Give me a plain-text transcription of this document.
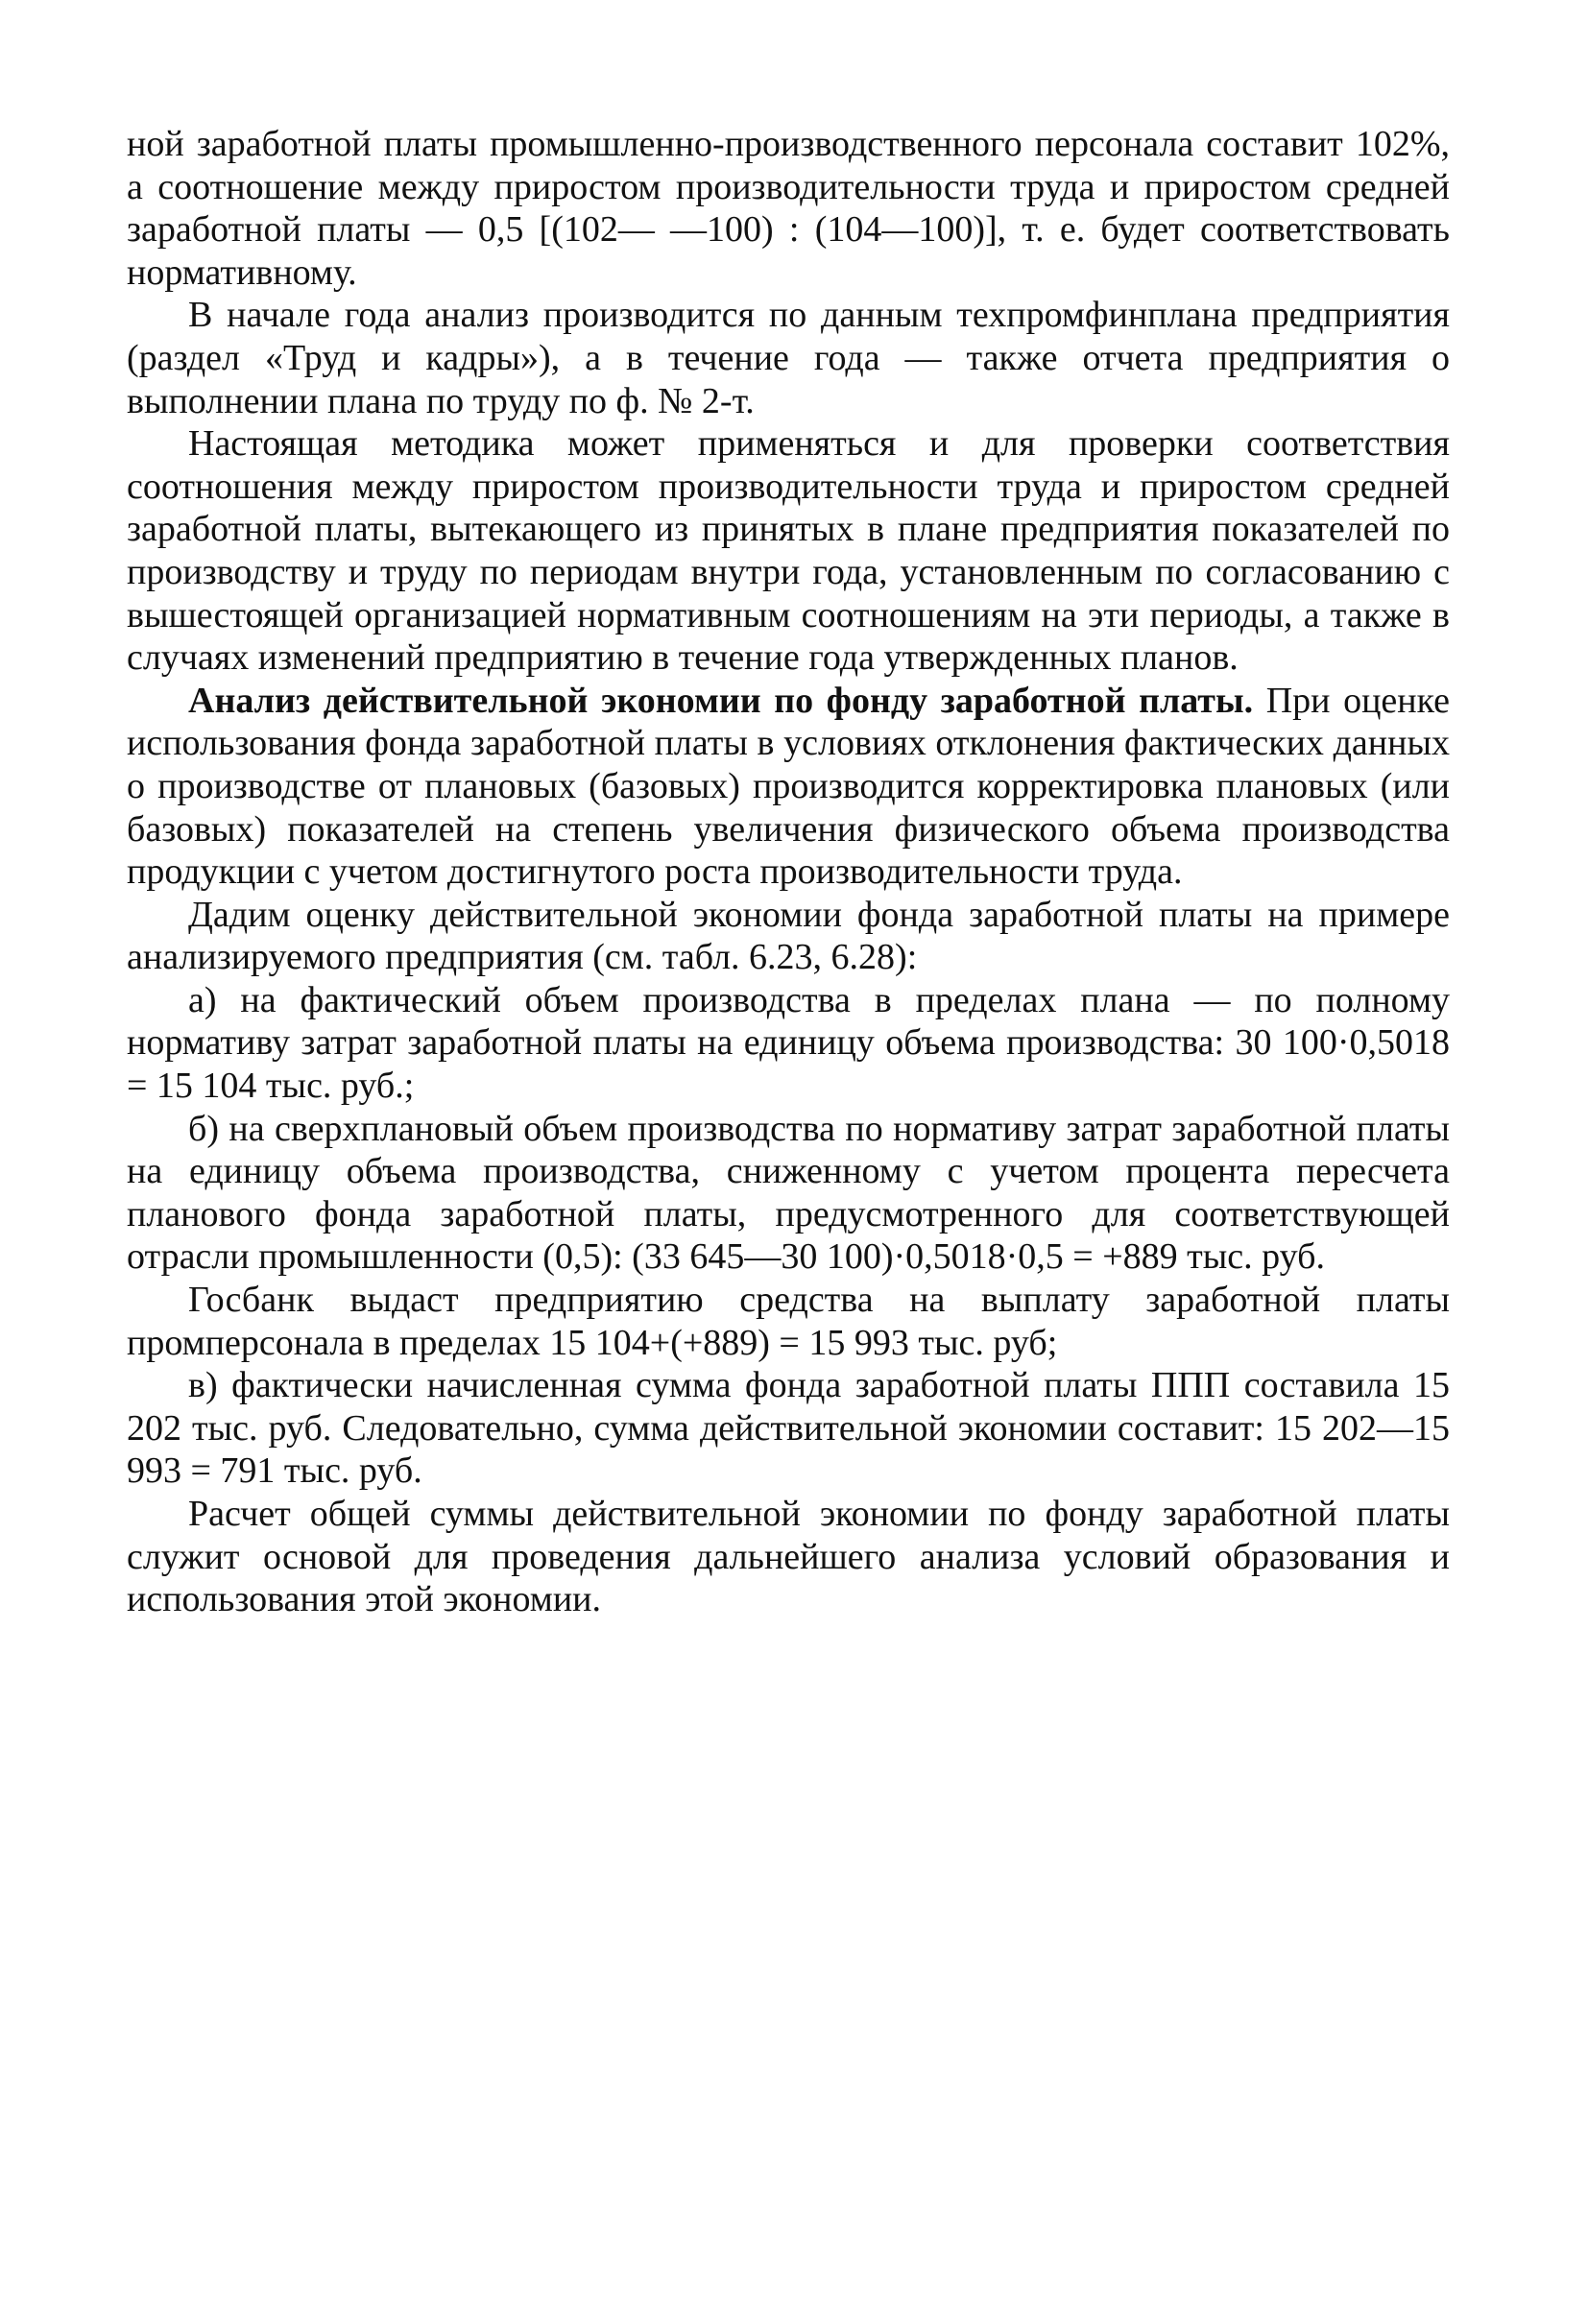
ной заработной платы промышленно-производственного персонала составит 102%, а соотношение между приростом производительности труда и приростом средней заработной платы — 0,5 [(102— —100) : (104—100)], т. е. будет соответствовать нормативному.

В начале года анализ производится по данным техпромфинплана предприятия (раздел «Труд и кадры»), а в течение года — также отчета предприятия о выполнении плана по труду по ф. № 2-т.

Настоящая методика может применяться и для проверки соответствия соотношения между приростом производительности труда и приростом средней заработной платы, вытекающего из принятых в плане предприятия показателей по производству и труду по периодам внутри года, установленным по согласованию с вышестоящей организацией нормативным соотношениям на эти периоды, а также в случаях изменений предприятию в течение года утвержденных планов.

Анализ действительной экономии по фонду заработной платы. При оценке использования фонда заработной платы в условиях отклонения фактических данных о производстве от плановых (базовых) производится корректировка плановых (или базовых) показателей на степень увеличения физического объема производства продукции с учетом достигнутого роста производительности труда.

Дадим оценку действительной экономии фонда заработной платы на примере анализируемого предприятия (см. табл. 6.23, 6.28):

а) на фактический объем производства в пределах плана — по полному нормативу затрат заработной платы на единицу объема производства: 30 100·0,5018 = 15 104 тыс. руб.;

б) на сверхплановый объем производства по нормативу затрат заработной платы на единицу объема производства, сниженному с учетом процента пересчета планового фонда заработной платы, предусмотренного для соответствующей отрасли промышленности (0,5): (33 645—30 100)·0,5018·0,5 = +889 тыс. руб.

Госбанк выдаст предприятию средства на выплату заработной платы промперсонала в пределах 15 104+(+889) = 15 993 тыс. руб;

в) фактически начисленная сумма фонда заработной платы ППП составила 15 202 тыс. руб. Следовательно, сумма действительной экономии составит: 15 202—15 993 = 791 тыс. руб.

Расчет общей суммы действительной экономии по фонду заработной платы служит основой для проведения дальнейшего анализа условий образования и использования этой экономии.
